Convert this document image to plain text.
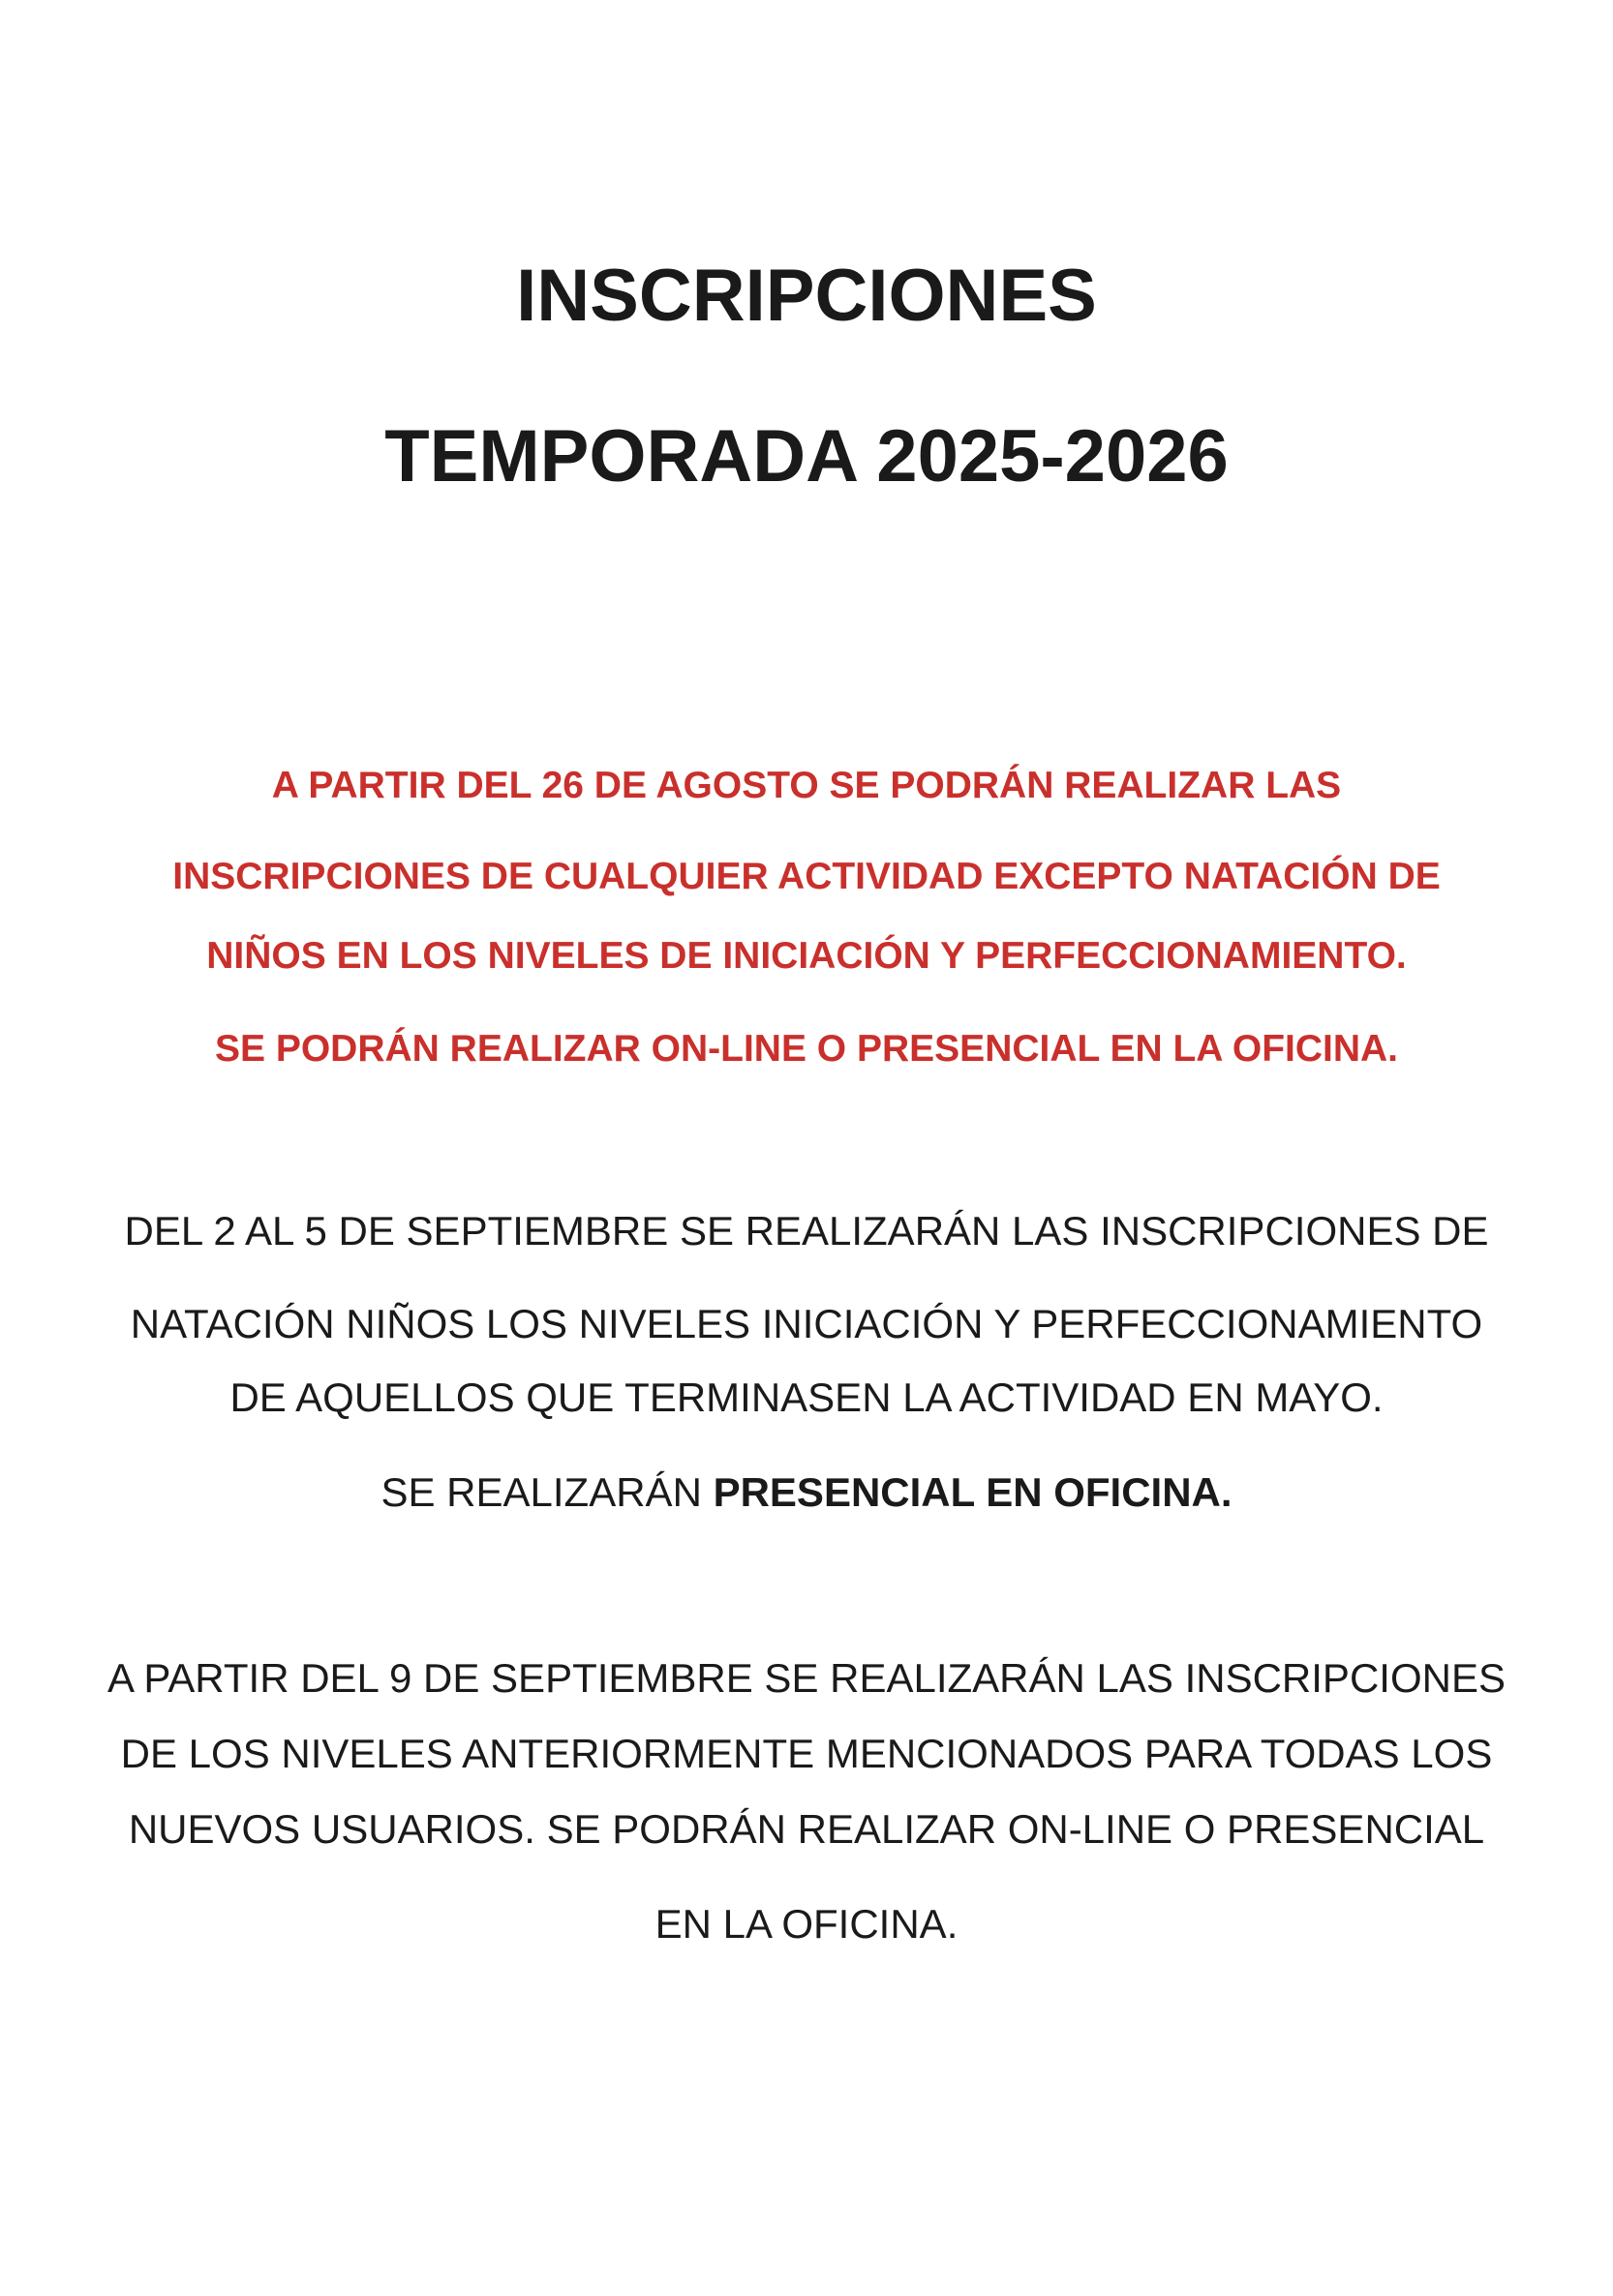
INSCRIPCIONES
TEMPORADA 2025-2026

A PARTIR DEL 26 DE AGOSTO SE PODRÁN REALIZAR LAS

INSCRIPCIONES DE CUALQUIER ACTIVIDAD EXCEPTO NATACIÓN DE

NIÑOS EN LOS NIVELES DE INICIACIÓN Y PERFECCIONAMIENTO.

SE PODRÁN REALIZAR ON-LINE O PRESENCIAL EN LA OFICINA.

DEL 2 AL 5 DE SEPTIEMBRE SE REALIZARÁN LAS INSCRIPCIONES DE

NATACIÓN NIÑOS LOS NIVELES INICIACIÓN Y PERFECCIONAMIENTO

DE AQUELLOS QUE TERMINASEN LA ACTIVIDAD EN MAYO.

SE REALIZARÁN PRESENCIAL EN OFICINA.

A PARTIR DEL 9 DE SEPTIEMBRE SE REALIZARÁN LAS INSCRIPCIONES

DE LOS NIVELES ANTERIORMENTE MENCIONADOS PARA TODAS LOS

NUEVOS USUARIOS. SE PODRÁN REALIZAR ON-LINE O PRESENCIAL

EN LA OFICINA.
